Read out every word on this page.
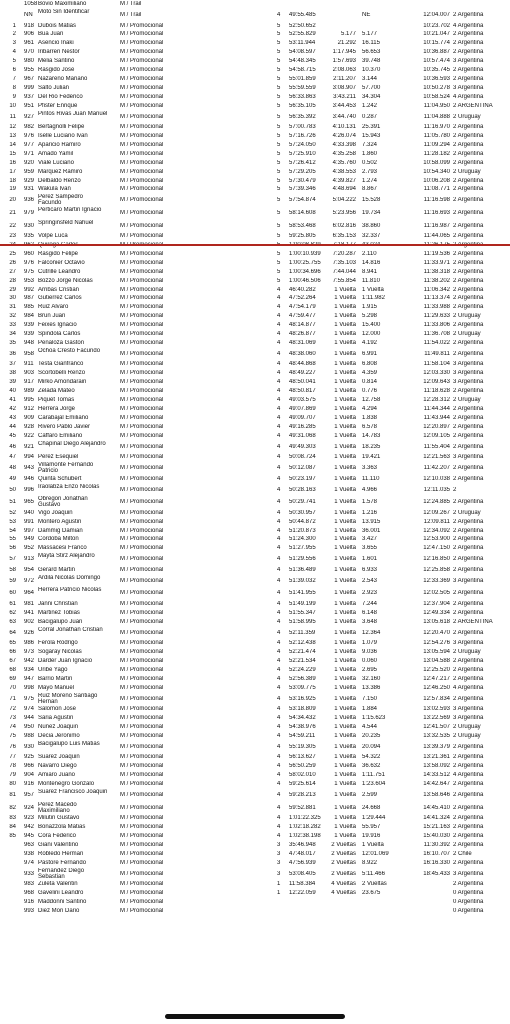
1058 Bovio Maximiliano	M / Trail
NN Moto Sin Identificar	M / Trail	4	49:55.485	NE	12:04.007 2 Argentina
1 918 Dubois Matias	M / Promocional	5	52:50.652	10:23.702 4 Argentina
2 906 Bua Juan	M / Promocional	5	52:55.829	5.177 5.177	10:21.047 2 Argentina
3 961 Asencio Inaki	M / Promocional	5	53:11.944	21.292 16.115	10:15.774 2 Argentina
4 970 Iribarren Nestor	M / Promocional	5	54:08.597	1:17.945 56.653	10:36.887 2 Argentina
5 980 Melia Santino	M / Promocional	5	54:48.345	1:57.693 39.748	10:57.474 3 Argentina
6 955 Rasgido Jose	M / Promocional	5	54:58.715	2:08.063 10.370	10:35.745 2 Argentina
7 967 Nazareno Mariano	M / Promocional	5	55:01.859	2:11.207 3.144	10:36.593 2 Argentina
8 999 Salto Julian	M / Promocional	5	55:59.559	3:08.907 57.700	10:50.278 3 Argentina
9 937 Del Rio Federico	M / Promocional	5	56:33.863	3:43.211 34.304	10:58.524 4 Argentina
10 951 Pfister Enrique	M / Promocional	5	56:35.105	3:44.453 1.242	11:04.950 2 ARGENTINA
11 927 Pintos Rivas Juan Manuel M / Promocional	5	56:35.392	3:44.740 0.287	11:04.888 2 Uruguay
12 982 Bertagnolli Felipe	M / Promocional	5	57:00.783	4:10.131 25.391	11:16.970 2 Argentina
13 976 Iselle Luciano Ivan	M / Promocional	5	57:16.726	4:26.074 15.943	11:05.780 2 Argentina
14 977 Aparicio Ramiro	M / Promocional	5	57:24.050	4:33.398 7.324	11:09.294 2 Argentina
15 971 Amado Yamil	M / Promocional	5	57:25.910	4:35.258 1.860	11:28.182 2 Argentina
16 920 Viale Luciano	M / Promocional	5	57:26.412	4:35.760 0.502	10:58.099 2 Argentina
17 959 Marquez Ramiro	M / Promocional	5	57:29.205	4:38.553 2.793	10:54.340 2 Uruguay
18 929 Delbaldo Renzo	M / Promocional	5	57:30.479	4:39.827 1.274	10:06.208 2 Argentina
19 931 Wakula Ivan	M / Promocional	5	57:39.346	4:48.694 8.867	11:08.771 2 Argentina
20 936 Perez Sampedro Facundo	M / Promocional	5	57:54.874	5:04.222 15.528	11:16.598 2 Argentina
21 979 Perticaro Martin Ignacio	M / Promocional	5	58:14.608	5:23.956 19.734	11:16.693 2 Argentina
22 930 Springinsfeld Nahuel	M / Promocional	5	58:53.468	6:02.816 38.860	11:16.987 2 Argentina
23 935 Volpe Luca	M / Promocional	5	59:25.805	6:35.153 32.337	11:44.065 2 Argentina
25 960 Rasgido Felipe	M / Promocional	5	1:00:10.939	7:20.287 2.110	11:19.536 2 Argentina
26 976 Falconier Octavio	M / Promocional	5	1:00:25.755	7:35.103 14.816	11:33.971 2 Argentina
27 975 Cutrille Leandro	M / Promocional	5	1:00:34.696	7:44.044 8.941	11:38.318 2 Argentina
28 953 Bozzo Jorge Nicolas	M / Promocional	5	1:00:46.506	7:55.854 11.810	11:38.202 2 Argentina
29 992 Arribas Cristian	M / Promocional	4	46:40.282	1 Vuelta 1 Vuelta	11:06.342 2 Argentina
30 987 Gutierrez Carlos	M / Promocional	4	47:52.264	1 Vuelta 1:11.982	11:13.374 2 Argentina
31 985 Ruiz Alvaro	M / Promocional	4	47:54.179	1 Vuelta 1.915	11:33.988 2 Argentina
32 984 Brun Juan	M / Promocional	4	47:59.477	1 Vuelta 5.298	11:29.633 2 Uruguay
33 939 Feixes Ignacio	M / Promocional	4	48:14.877	1 Vuelta 15.400	11:33.806 2 Argentina
34 939 Spindola Carlos	M / Promocional	4	48:26.877	1 Vuelta 12.000	11:36.708 2 Uruguay
35 948 Peñaloza Gaston	M / Promocional	4	48:31.069	1 Vuelta 4.192	11:54.022 2 Argentina
36 958 Ochoa Cresto Facundo	M / Promocional	4	48:38.060	1 Vuelta 6.991	11:49.811 2 Argentina
37 911 Testa Gianfranco	M / Promocional	4	48:44.868	1 Vuelta 6.808	11:58.104 3 Argentina
38 903 Scortobelli Renzo	M / Promocional	4	48:49.227	1 Vuelta 4.359	12:03.330 3 Argentina
39 917 Mirko Amondarain	M / Promocional	4	48:50.041	1 Vuelta 0.814	12:09.643 3 Argentina
40 989 Zelada Mateo	M / Promocional	4	48:50.817	1 Vuelta 0.776	11:18.628 2 Argentina
41 995 Piquet Tomas	M / Promocional	4	49:03.575	1 Vuelta 12.758	12:28.312 2 Uruguay
42 912 Herrera Jorge	M / Promocional	4	49:07.869	1 Vuelta 4.294	11:44.344 2 Argentina
43 909 Carabajal Emiliano	M / Promocional	4	49:09.707	1 Vuelta 1.838	11:43.944 2 Argentina
44 928 Rivero Pablo Javier	M / Promocional	4	49:16.285	1 Vuelta 6.578	12:20.897 2 Argentina
45 922 Caffaro Emiliano	M / Promocional	4	49:31.068	1 Vuelta 14.783	12:09.105 2 Argentina
46 921 Chapinal Diego Alejandro	M / Promocional	4	49:49.303	1 Vuelta 18.235	11:55.404 2 Argentina
47 994 Perez Esequiel	M / Promocional	4	50:08.724	1 Vuelta 19.421	12:21.563 3 Argentina
48 943 Villamonte Fernando Patricio	M / Promocional	4	50:12.087	1 Vuelta 3.363	11:42.207 2 Argentina
49 946 Quinta Schubert	M / Promocional	4	50:23.197	1 Vuelta 11.110	12:10.038 2 Argentina
50 996 Iraolabza Enzo Nicolas	M / Promocional	4	50:28.163	1 Vuelta 4.966	12:11.035 2
51 965 Obregon Jonathan Gustavo	M / Promocional	4	50:29.741	1 Vuelta 1.578	12:24.885 2 Argentina
52 940 Vigo Joaquin	M / Promocional	4	50:30.957	1 Vuelta 1.216	12:09.267 2 Uruguay
53 991 Montero Agustin	M / Promocional	4	50:44.872	1 Vuelta 13.915	12:09.811 2 Argentina
54 997 Dammig Damian	M / Promocional	4	51:20.873	1 Vuelta 36.001	12:34.092 2 Argentina
55 949 Cordoba Milton	M / Promocional	4	51:24.300	1 Vuelta 3.427	12:53.900 2 Argentina
56 952 Massacesi Franco	M / Promocional	4	51:27.955	1 Vuelta 3.655	12:47.150 2 Argentina
57 913 Mayta Stirz Alejandro	M / Promocional	4	51:29.556	1 Vuelta 1.601	12:16.850 2 Argentina
58 954 Gerard Martin	M / Promocional	4	51:36.489	1 Vuelta 6.933	12:25.858 2 Argentina
59 972 Ardila Nicolas Domingo	M / Promocional	4	51:39.032	1 Vuelta 2.543	12:33.369 3 Argentina
60 964 Herrera Patricio Nicolas	M / Promocional	4	51:41.955	1 Vuelta 2.923	12:02.505 2 Argentina
61 981 Janni Christian	M / Promocional	4	51:49.199	1 Vuelta 7.244	12:37.904 2 Argentina
62 941 Martinez Tobias	M / Promocional	4	51:55.347	1 Vuelta 6.148	12:49.334 2 Argentina
63 902 Bacigalupo Juan	M / Promocional	4	51:58.995	1 Vuelta 3.648	13:05.618 2 ARGENTINA
64 926 Corral Jonathan Cristian	M / Promocional	4	52:11.359	1 Vuelta 12.364	12:20.470 2 Argentina
65 986 Ferola Rodrigo	M / Promocional	4	52:12.438	1 Vuelta 1.079	12:54.276 3 Argentina
66 973 Sogaray Nicolas	M / Promocional	4	52:21.474	1 Vuelta 9.036	13:05.594 2 Uruguay
67 942 Darder Juan Ignacio	M / Promocional	4	52:21.534	1 Vuelta 0.060	13:04.588 2 Argentina
68 934 Uribe Yago	M / Promocional	4	52:24.229	1 Vuelta 2.695	12:25.520 2 Argentina
69 947 Barrio Martin	M / Promocional	4	52:56.389	1 Vuelta 32.160	12:47.217 2 Argentina
70 998 Mayo Manuel	M / Promocional	4	53:09.775	1 Vuelta 13.386	12:46.250 4 Argentina
71 975 Ruiz Moreno Santiago Hernan	M / Promocional	4	53:16.925	1 Vuelta 7.150	12:57.834 2 Argentina
72 974 Salomon Jose	M / Promocional	4	53:18.809	1 Vuelta 1.884	13:02.593 3 Argentina
73 944 Saria Agustin	M / Promocional	4	54:34.432	1 Vuelta 1:15.623	13:22.569 3 Argentina
74 950 Nuñez Joaquin	M / Promocional	4	54:38.976	1 Vuelta 4.544	12:41.507 2 Uruguay
75 988 Decia Jeronimo	M / Promocional	4	54:59.211	1 Vuelta 20.235	13:32.535 2 Uruguay
76 930 Bacigalupo Luis Matias	M / Promocional	4	55:19.305	1 Vuelta 20.094	13:39.379 2 Argentina
77 925 Suarez Joaquin	M / Promocional	4	56:13.627	1 Vuelta 54.322	13:21.361 2 Argentina
78 966 Navarro Diego	M / Promocional	4	56:50.259	1 Vuelta 36.632	13:58.092 2 Argentina
79 904 Amiaro Juano	M / Promocional	4	58:02.010	1 Vuelta 1:11.751	14:33.512 4 Argentina
80 916 Montenegro Gonzalo	M / Promocional	4	59:25.614	1 Vuelta 1:23.604	14:42.647 2 Argentina
81 957 Suarez Francisco Joaquin M / Promocional	4	59:28.213	1 Vuelta 2.599	13:58.646 2 Argentina
82 924 Perez Macedo Maximiliano	M / Promocional	4	59:52.881	1 Vuelta 24.668	14:45.410 2 Argentina
83 923 Milutin Gustavo	M / Promocional	4	1:01:22.325	1 Vuelta 1:29.444	14:41.324 2 Argentina
84 942 Bonazzola Matias	M / Promocional	4	1:02:18.282	1 Vuelta 55.957	15:21.163 2 Argentina
85 945 Cora Federico	M / Promocional	4	1:02:38.198	1 Vuelta 19.916	15:40.030 2 Argentina
963 Giani Valentino	M / Promocional	3	35:46.948	2 Vueltas 1 Vuelta	11:30.392 2 Argentina
938 Robledo Herman	M / Promocional	3	47:48.017	2 Vueltas 12:01.069	16:10.707 2 Chile
974 Pastore Fernando	M / Promocional	3	47:56.939	2 Vueltas 8.922	16:16.330 2 Argentina
933 Fernandez Diego Sebastian	M / Promocional	3	53:08.405	2 Vueltas 5:11.466	18:45.433 3 Argentina
983 Zuleta Valentin	M / Promocional	1	11:58.384	4 Vueltas 2 Vueltas	2 Argentina
968 Gavelini Leandro	M / Promocional	1	12:22.059	4 Vueltas 23.675	0 Argentina
916 Maddonni Santino	M / Promocional	0 Argentina
993 Diez Mori Dario	M / Promocional	0 Argentina
